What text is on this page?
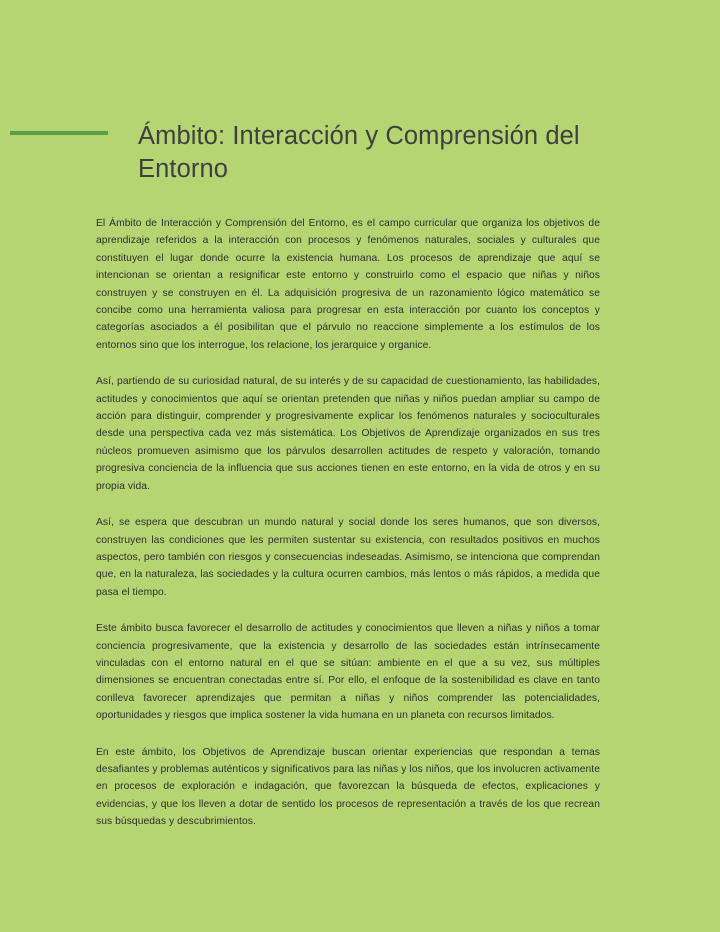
Ámbito: Interacción y Comprensión del Entorno

El Ámbito de Interacción y Comprensión del Entorno, es el campo curricular que organiza los objetivos de aprendizaje referidos a la interacción con procesos y fenómenos naturales, sociales y culturales que constituyen el lugar donde ocurre la existencia humana. Los procesos de aprendizaje que aquí se intencionan se orientan a resignificar este entorno y construirlo como el espacio que niñas y niños construyen y se construyen en él. La adquisición progresiva de un razonamiento lógico matemático se concibe como una herramienta valiosa para progresar en esta interacción por cuanto los conceptos y categorías asociados a él posibilitan que el párvulo no reaccione simplemente a los estímulos de los entornos sino que los interrogue, los relacione, los jerarquice y organice.

Así, partiendo de su curiosidad natural, de su interés y de su capacidad de cuestionamiento, las habilidades, actitudes y conocimientos que aquí se orientan pretenden que niñas y niños puedan ampliar su campo de acción para distinguir, comprender y progresivamente explicar los fenómenos naturales y socioculturales desde una perspectiva cada vez más sistemática. Los Objetivos de Aprendizaje organizados en sus tres núcleos promueven asimismo que los párvulos desarrollen actitudes de respeto y valoración, tomando progresiva conciencia de la influencia que sus acciones tienen en este entorno, en la vida de otros y en su propia vida.

Así, se espera que descubran un mundo natural y social donde los seres humanos, que son diversos, construyen las condiciones que les permiten sustentar su existencia, con resultados positivos en muchos aspectos, pero también con riesgos y consecuencias indeseadas. Asimismo, se intenciona que comprendan que, en la naturaleza, las sociedades y la cultura ocurren cambios, más lentos o más rápidos, a medida que pasa el tiempo.

Este ámbito busca favorecer el desarrollo de actitudes y conocimientos que lleven a niñas y niños a tomar conciencia progresivamente, que la existencia y desarrollo de las sociedades están intrínsecamente vinculadas con el entorno natural en el que se sitúan: ambiente en el que a su vez, sus múltiples dimensiones se encuentran conectadas entre sí. Por ello, el enfoque de la sostenibilidad es clave en tanto conlleva favorecer aprendizajes que permitan a niñas y niños comprender las potencialidades, oportunidades y riesgos que implica sostener la vida humana en un planeta con recursos limitados.

En este ámbito, los Objetivos de Aprendizaje buscan orientar experiencias que respondan a temas desafiantes y problemas auténticos y significativos para las niñas y los niños, que los involucren activamente en procesos de exploración e indagación, que favorezcan la búsqueda de efectos, explicaciones y evidencias, y que los lleven a dotar de sentido los procesos de representación a través de los que recrean sus búsquedas y descubrimientos.
